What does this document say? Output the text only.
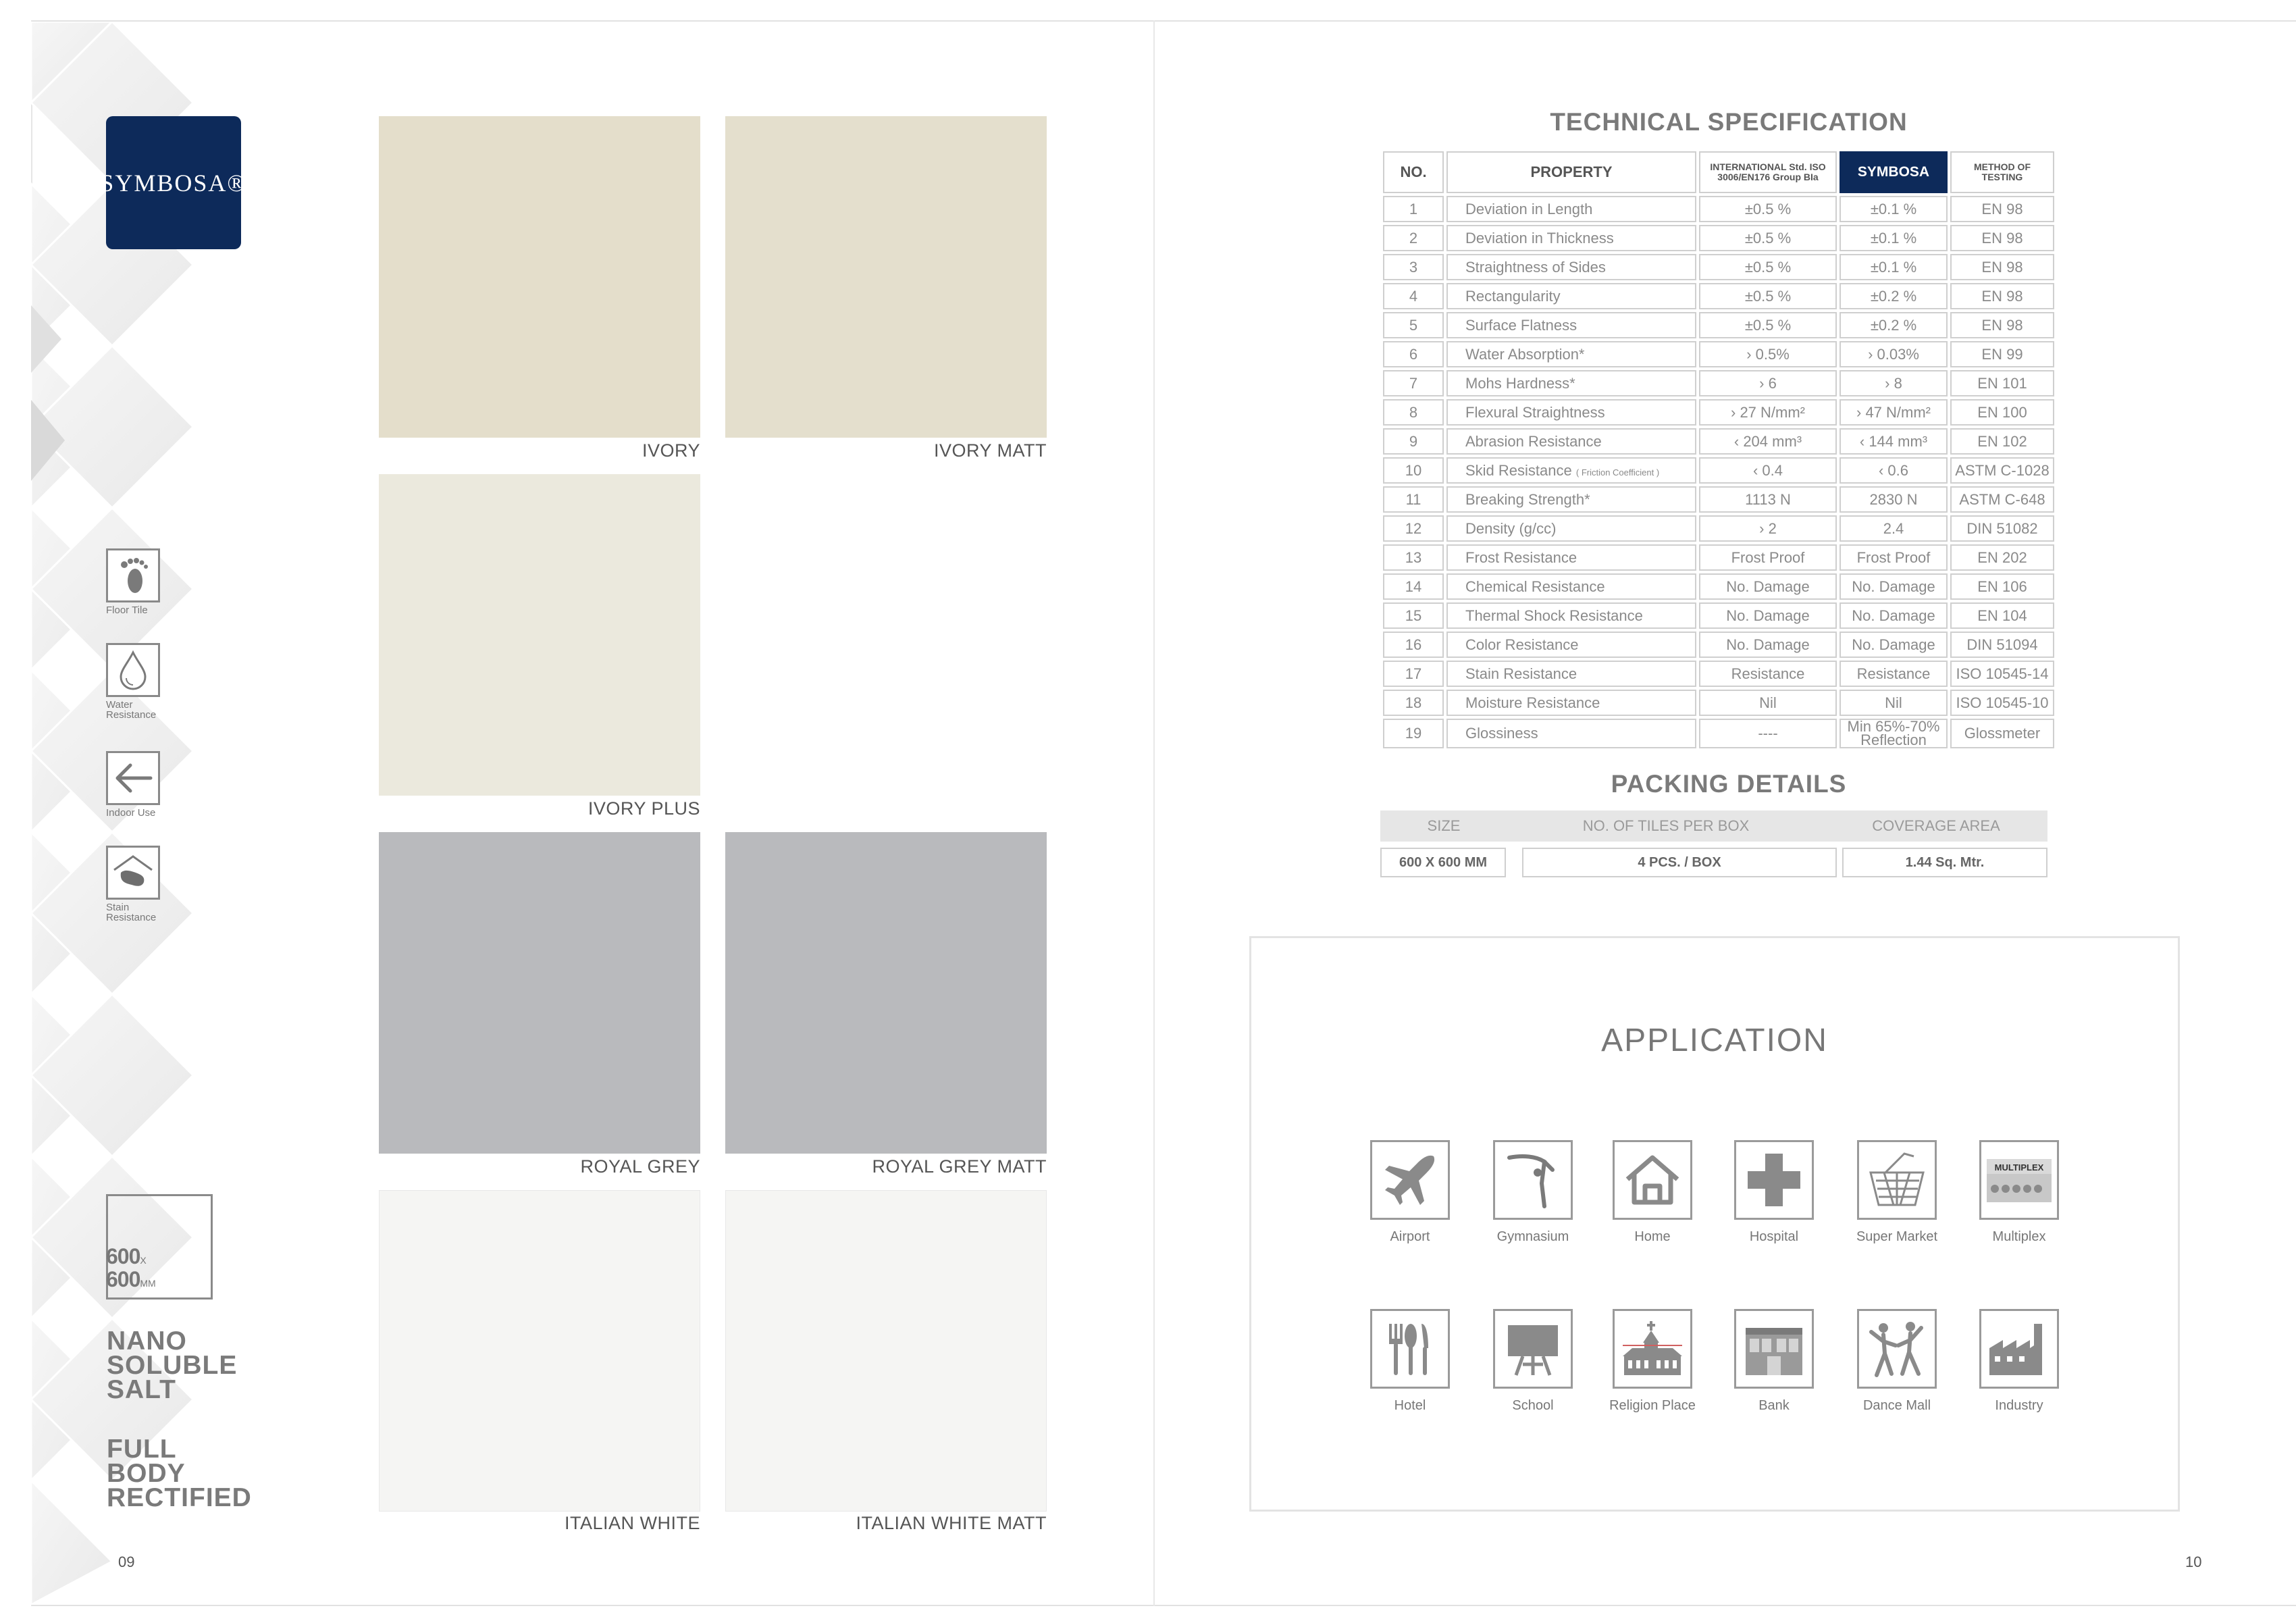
SYMBOSA®
Floor Tile
Water Resistance
Indoor Use
Stain Resistance
600X
600MM
NANO
SOLUBLE
SALT
FULL
BODY
RECTIFIED
09
IVORY	IVORY MATT
IVORY PLUS
ROYAL GREY	ROYAL GREY MATT
ITALIAN WHITE	ITALIAN WHITE MATT
TECHNICAL SPECIFICATION
NO.	PROPERTY	INTERNATIONAL Std. ISO 3006/EN176 Group BIa	SYMBOSA	METHOD OF TESTING
1	Deviation in Length	±0.5 %	±0.1 %	EN 98
2	Deviation in Thickness	±0.5 %	±0.1 %	EN 98
3	Straightness of Sides	±0.5 %	±0.1 %	EN 98
4	Rectangularity	±0.5 %	±0.2 %	EN 98
5	Surface Flatness	±0.5 %	±0.2 %	EN 98
6	Water Absorption*	› 0.5%	› 0.03%	EN 99
7	Mohs Hardness*	› 6	› 8	EN 101
8	Flexural Straightness	› 27 N/mm²	› 47 N/mm²	EN 100
9	Abrasion Resistance	‹ 204 mm³	‹ 144 mm³	EN 102
10	Skid Resistance ( Friction Coefficient )	‹ 0.4	‹ 0.6	ASTM C-1028
11	Breaking Strength*	1113 N	2830 N	ASTM C-648
12	Density (g/cc)	› 2	2.4	DIN 51082
13	Frost Resistance	Frost Proof	Frost Proof	EN 202
14	Chemical Resistance	No. Damage	No. Damage	EN 106
15	Thermal Shock Resistance	No. Damage	No. Damage	EN 104
16	Color Resistance	No. Damage	No. Damage	DIN 51094
17	Stain Resistance	Resistance	Resistance	ISO 10545-14
18	Moisture Resistance	Nil	Nil	ISO 10545-10
19	Glossiness	----	Min 65%-70% Reflection	Glossmeter
PACKING DETAILS
SIZE	NO. OF TILES PER BOX	COVERAGE AREA
600 X 600 MM	4 PCS. / BOX	1.44 Sq. Mtr.
APPLICATION
Airport	Gymnasium	Home	Hospital	Super Market
MULTIPLEX
Multiplex
Hotel	School	Religion Place	Bank	Dance Mall	Industry
10
